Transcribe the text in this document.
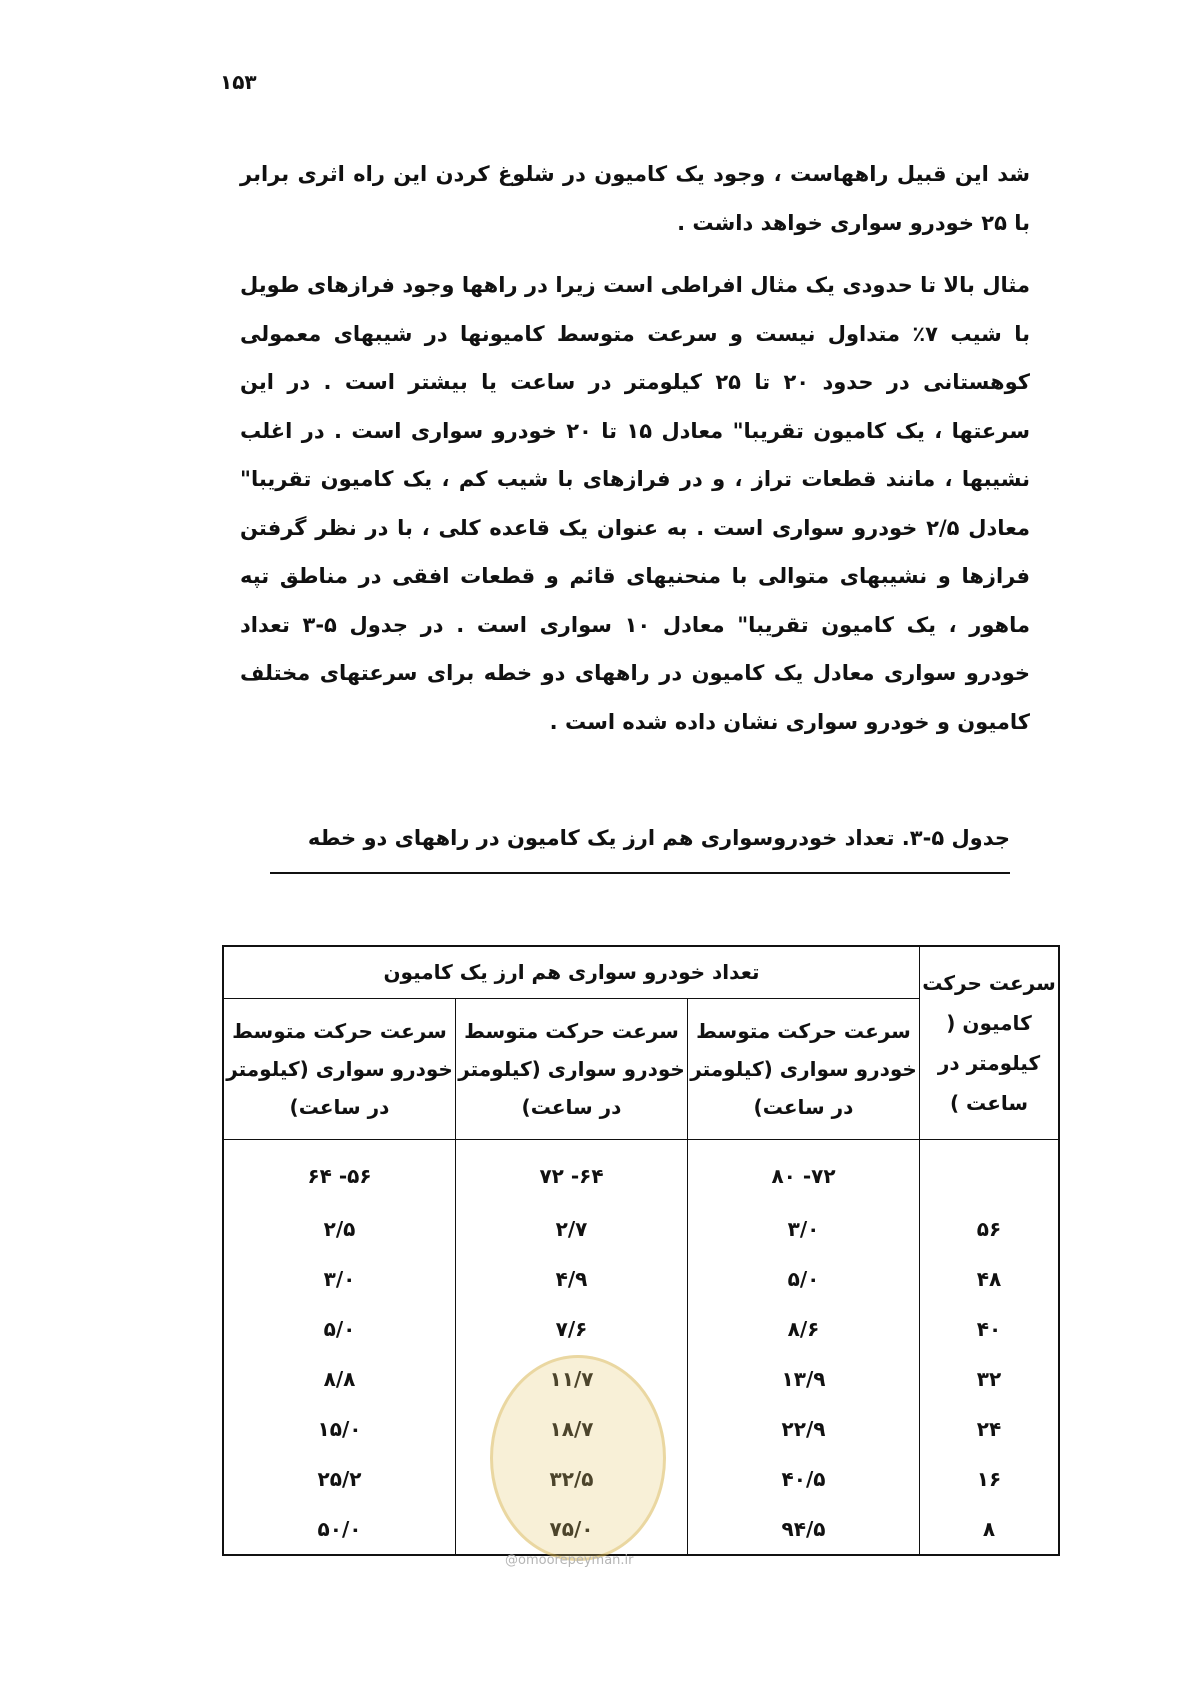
۱۵۳

شد این قبیل راههاست ، وجود یک کامیون در شلوغ کردن این راه اثری برابر با ۲۵ خودرو سواری خواهد داشت .

مثال بالا تا حدودی یک مثال افراطی است زیرا در راهها وجود فرازهای طویل با شیب ۷٪ متداول نیست و سرعت متوسط کامیونها در شیبهای معمولی کوهستانی در حدود ۲۰ تا ۲۵ کیلومتر در ساعت یا بیشتر است . در این سرعتها ، یک کامیون تقریبا" معادل ۱۵ تا ۲۰ خودرو سواری است . در اغلب نشیبها ، مانند قطعات تراز ، و در فرازهای با شیب کم ، یک کامیون تقریبا" معادل ۲/۵ خودرو سواری است . به عنوان یک قاعده کلی ، با در نظر گرفتن فرازها و نشیبهای متوالی با منحنیهای قائم و قطعات افقی در مناطق تپه ماهور ، یک کامیون تقریبا" معادل ۱۰ سواری است . در جدول ۵-۳ تعداد خودرو سواری معادل یک کامیون در راههای دو خطه برای سرعتهای مختلف کامیون و خودرو سواری نشان داده شده است .

جدول ۵-۳. تعداد خودروسواری هم ارز یک کامیون در راههای دو خطه
سرعت حرکت کامیون ( کیلومتر در ساعت )	تعداد خودرو سواری هم ارز یک کامیون		
	سرعت حرکت متوسط خودرو سواری (کیلومتر در ساعت)	سرعت حرکت متوسط خودرو سواری (کیلومتر در ساعت)	سرعت حرکت متوسط خودرو سواری (کیلومتر در ساعت)
	۷۲- ۸۰	۶۴- ۷۲	۵۶- ۶۴
۵۶	۳/۰	۲/۷	۲/۵
۴۸	۵/۰	۴/۹	۳/۰
۴۰	۸/۶	۷/۶	۵/۰
۳۲	۱۳/۹	۱۱/۷	۸/۸
۲۴	۲۲/۹	۱۸/۷	۱۵/۰
۱۶	۴۰/۵	۳۲/۵	۲۵/۲
۸	۹۴/۵	۷۵/۰	۵۰/۰
@omoorepeyman.ir
